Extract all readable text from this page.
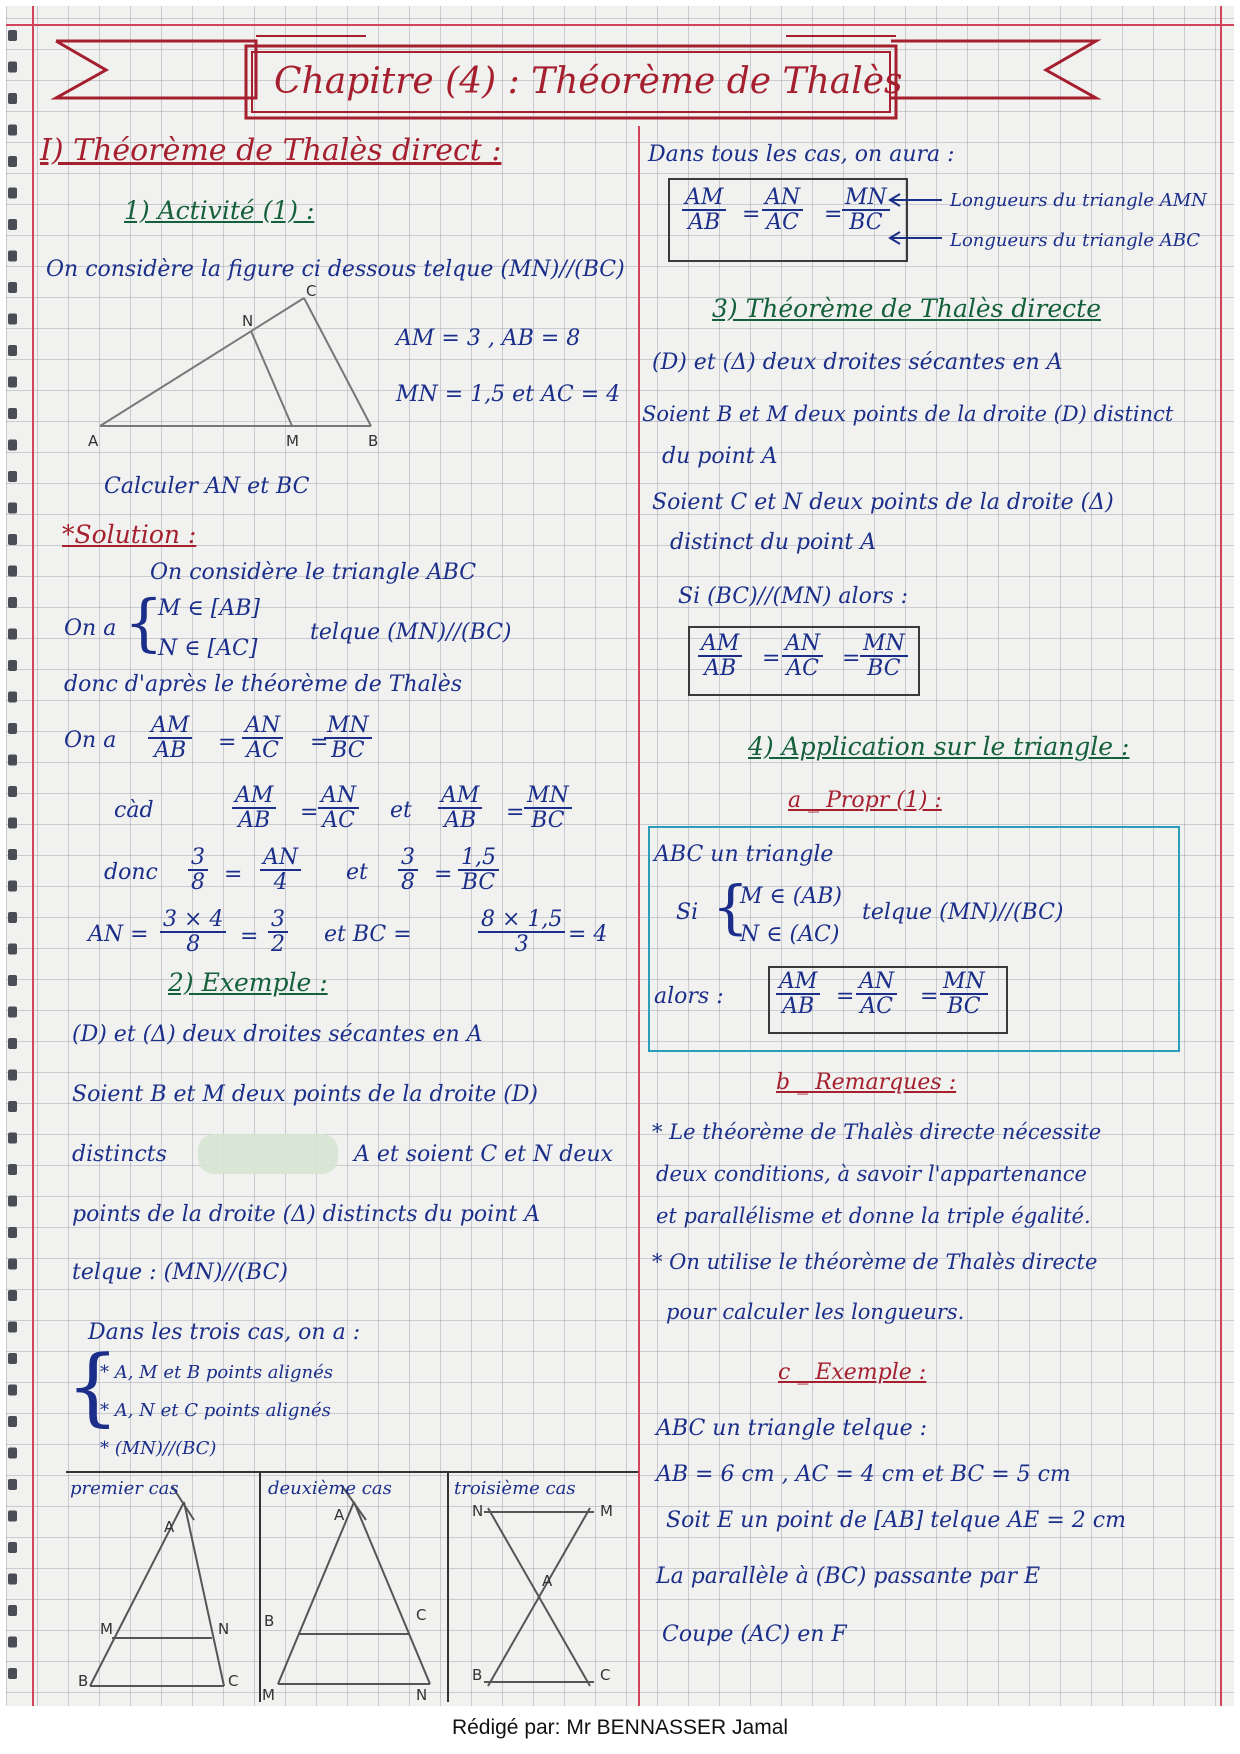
Chapitre (4) : Théorème de Thalès
I) Théorème de Thalès direct :
1) Activité (1) :
On considère la figure ci dessous telque (MN)//(BC)
A	M	B
N
C
AM = 3 , AB = 8
MN = 1,5 et AC = 4
Calculer AN et BC
*Solution :
On considère le triangle ABC
On a {
M ∈ [AB]
N ∈ [AC]
telque (MN)//(BC)
donc d'après le théorème de Thalès
On a $\frac{AM}{AB} = \frac{AN}{AC}$ =
$\frac{MN}{BC}$
càd	$\frac{AM}{AB} = \frac{AN}{AC}$ et $\frac{AM}{AB} = \frac{MN}{BC}$
donc $\frac{3}{8} = \frac{AN}{4}$ et $\frac{3}{8} = \frac{1,5}{BC}$
AN = $\frac{3 \times 4}{8} = \frac{3}{2}$ et BC =	$\frac{8 \times 1,5}{3} = 4$
2) Exemple :
(D) et (Δ) deux droites sécantes en A
Soient B et M deux points de la droite (D)
distincts	A et soient C et N deux
points de la droite (Δ) distincts du point A
telque : (MN)//(BC)
Dans les trois cas, on a :
{
* A, M et B points alignés
* A, N et C points alignés
* (MN)//(BC)
premier cas	deuxième cas	troisième cas
A
M	N
B	C
A
B	C
M	N
N	M
A
B	C
Dans tous les cas, on aura :
$\frac{AM}{AB} = \frac{AN}{AC} = \frac{MN}{BC}$	Longueurs du triangle AMN
Longueurs du triangle ABC
3) Théorème de Thalès directe
(D) et (Δ) deux droites sécantes en A
Soient B et M deux points de la droite (D) distinct
du point A
Soient C et N deux points de la droite (Δ)
distinct du point A
Si (BC)//(MN) alors :
$\frac{AM}{AB} = \frac{AN}{AC} = \frac{MN}{BC}$
4) Application sur le triangle :
a _ Propr (1) :
ABC un triangle
Si {
M ∈ (AB)
N ∈ (AC)
telque (MN)//(BC)
alors : $\frac{AM}{AB} = \frac{AN}{AC} = \frac{MN}{BC}$
b _ Remarques :
* Le théorème de Thalès directe nécessite
deux conditions, à savoir l'appartenance
et parallélisme et donne la triple égalité.
* On utilise le théorème de Thalès directe
pour calculer les longueurs.
c _ Exemple :
ABC un triangle telque :
AB = 6 cm , AC = 4 cm et BC = 5 cm
Soit E un point de [AB] telque AE = 2 cm
La parallèle à (BC) passante par E
Coupe (AC) en F
Rédigé par: Mr BENNASSER Jamal
